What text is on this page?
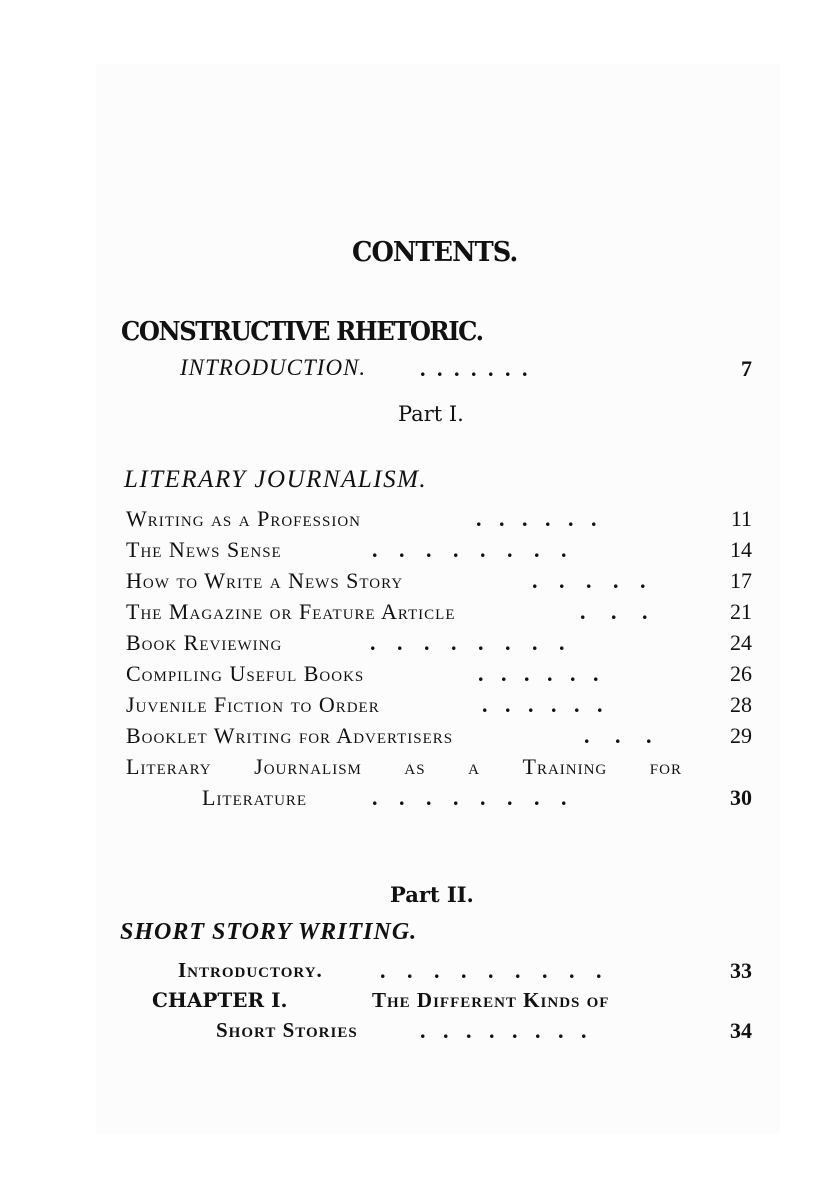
CONTENTS.
CONSTRUCTIVE RHETORIC.
INTRODUCTION. . . . . . . .	7
Part I.
LITERARY JOURNALISM.
Writing as a Profession	. . . . . .	11
The News Sense	. . . . . . . .	14
How to Write a News Story	. . . . .	17
The Magazine or Feature Article	. . .	21
Book Reviewing	. . . . . . . .	24
Compiling Useful Books	. . . . . .	26
Juvenile Fiction to Order	. . . . . .	28
Booklet Writing for Advertisers	. . .	29
Literary Journalism as a Training for
Literature	. . . . . . . .	30
Part II.
SHORT STORY WRITING.
Introductory.	. . . . . . . . .	33
CHAPTER I.	The Different Kinds of
Short Stories	. . . . . . . .	34
